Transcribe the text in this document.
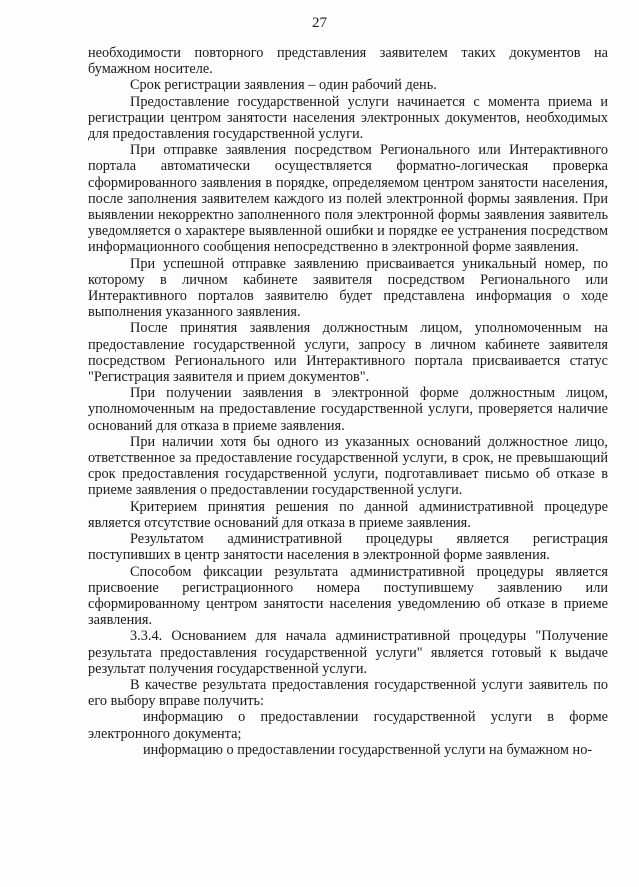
27

необходимости повторного представления заявителем таких документов на бумажном носителе.

Срок регистрации заявления – один рабочий день.

Предоставление государственной услуги начинается с момента приема и регистрации центром занятости населения электронных документов, необходимых для предоставления государственной услуги.

При отправке заявления посредством Регионального или Интерактивного портала автоматически осуществляется форматно-логическая проверка сформированного заявления в порядке, определяемом центром занятости населения, после заполнения заявителем каждого из полей электронной формы заявления. При выявлении некорректно заполненного поля электронной формы заявления заявитель уведомляется о характере выявленной ошибки и порядке ее устранения посредством информационного сообщения непосредственно в электронной форме заявления.

При успешной отправке заявлению присваивается уникальный номер, по которому в личном кабинете заявителя посредством Регионального или Интерактивного порталов заявителю будет представлена информация о ходе выполнения указанного заявления.

После принятия заявления должностным лицом, уполномоченным на предоставление государственной услуги, запросу в личном кабинете заявителя посредством Регионального или Интерактивного портала присваивается статус "Регистрация заявителя и прием документов".

При получении заявления в электронной форме должностным лицом, уполномоченным на предоставление государственной услуги, проверяется наличие оснований для отказа в приеме заявления.

При наличии хотя бы одного из указанных оснований должностное лицо, ответственное за предоставление государственной услуги, в срок, не превышающий срок предоставления государственной услуги, подготавливает письмо об отказе в приеме заявления о предоставлении государственной услуги.

Критерием принятия решения по данной административной процедуре является отсутствие оснований для отказа в приеме заявления.

Результатом административной процедуры является регистрация поступивших в центр занятости населения в электронной форме заявления.

Способом фиксации результата административной процедуры является присвоение регистрационного номера поступившему заявлению или сформированному центром занятости населения уведомлению об отказе в приеме заявления.

3.3.4. Основанием для начала административной процедуры "Получение результата предоставления государственной услуги" является готовый к выдаче результат получения государственной услуги.

В качестве результата предоставления государственной услуги заявитель по его выбору вправе получить:

информацию о предоставлении государственной услуги в форме электронного документа;

информацию о предоставлении государственной услуги на бумажном но-
